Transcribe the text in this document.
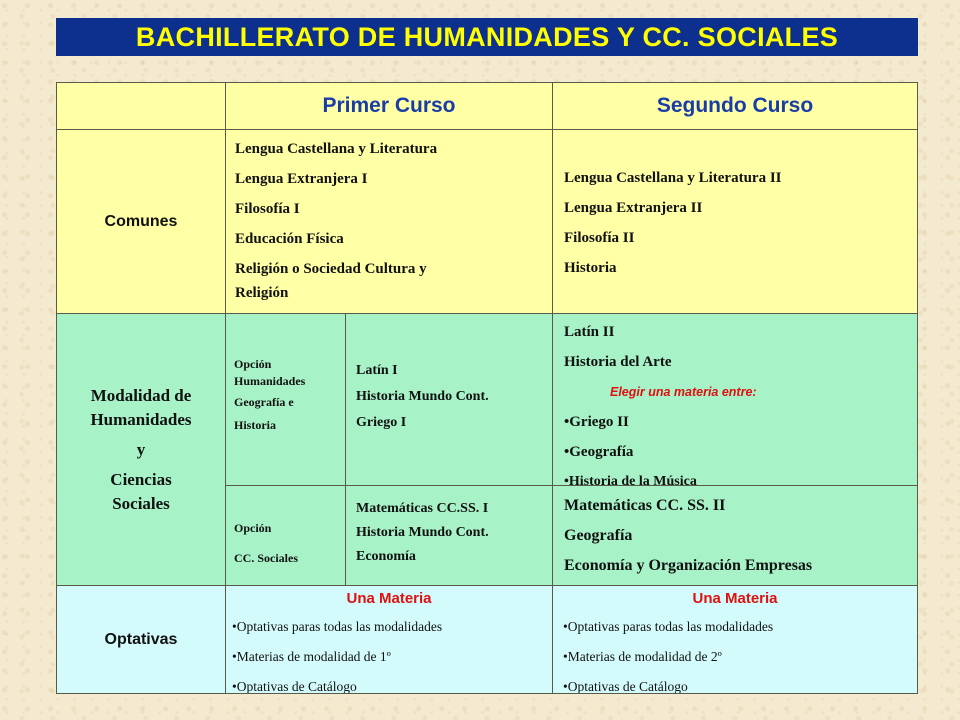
BACHILLERATO DE HUMANIDADES Y CC. SOCIALES
Primer Curso	Segundo Curso
Comunes
Lengua Castellana y Literatura
Lengua Extranjera I
Filosofía I
Educación Física
Religión o Sociedad Cultura y
Religión
Lengua Castellana y Literatura II
Lengua Extranjera II
Filosofía II
Historia
Modalidad de
Humanidades
y
Ciencias
Sociales
Opción
Humanidades
Geografía e
Historia
Latín I
Historia Mundo Cont.
Griego I
Latín II
Historia del Arte
Elegir una materia entre:
•Griego II
•Geografía
•Historia de la Música
Opción
CC. Sociales
Matemáticas CC.SS. I
Historia Mundo Cont.
Economía
Matemáticas CC. SS. II
Geografía
Economía y Organización Empresas
Optativas
Una Materia
•Optativas paras todas las modalidades
•Materias de modalidad de 1º
•Optativas de Catálogo
Una Materia
•Optativas paras todas las modalidades
•Materias de modalidad de 2º
•Optativas de Catálogo
